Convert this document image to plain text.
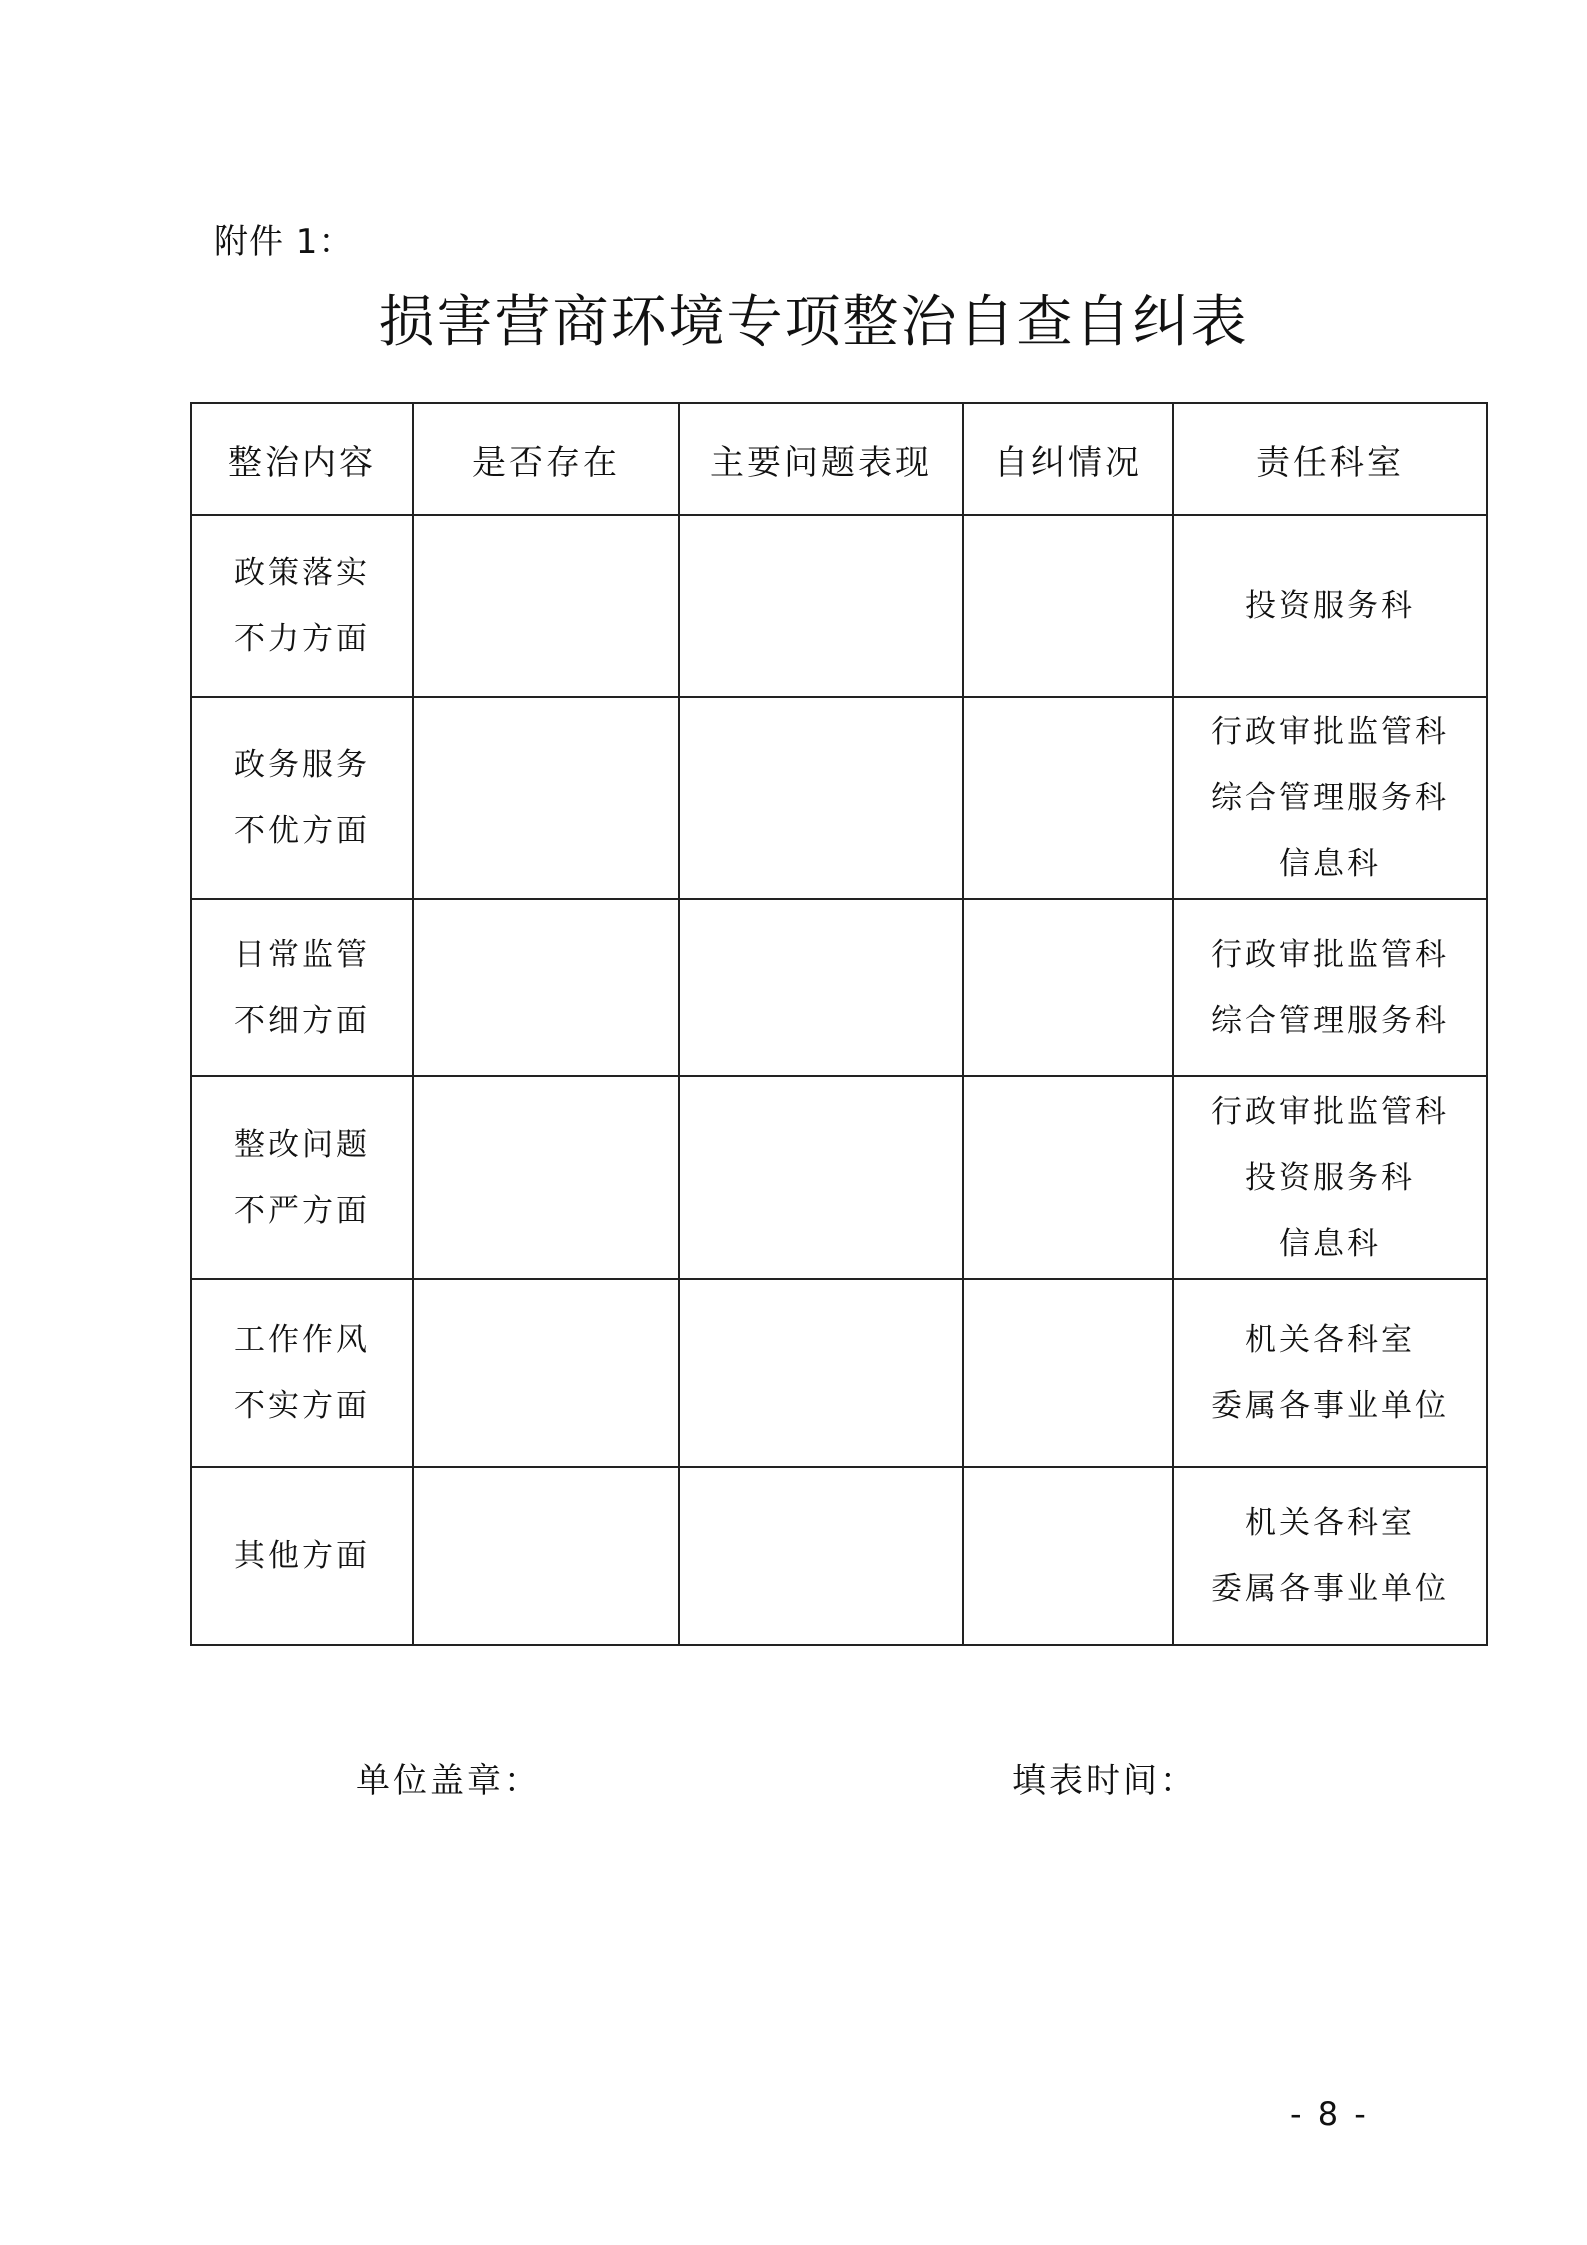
附件 1：
损害营商环境专项整治自查自纠表
整治内容	是否存在	主要问题表现	自纠情况	责任科室

政策落实
不力方面				投资服务科

政务服务
不优方面				行政审批监管科
综合管理服务科
信息科

日常监管
不细方面				行政审批监管科
综合管理服务科

整改问题
不严方面				行政审批监管科
投资服务科
信息科

工作作风
不实方面				机关各科室
委属各事业单位

其他方面				机关各科室
委属各事业单位
单位盖章：	填表时间：
- 8 -
